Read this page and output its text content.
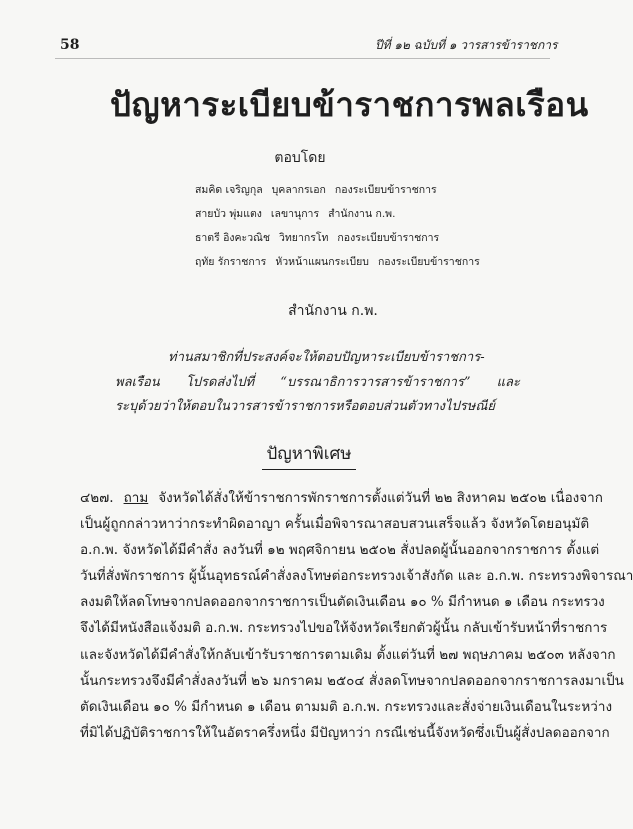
58	ปีที่ ๑๒ ฉบับที่ ๑ วารสารข้าราชการ
ปัญหาระเบียบข้าราชการพลเรือน
ตอบโดย
สมคิด เจริญกุล บุคลากรเอก กองระเบียบข้าราชการ
สายบัว พุ่มแตง เลขานุการ สำนักงาน ก.พ.
ธาตรี อิงคะวณิช วิทยากรโท กองระเบียบข้าราชการ
ฤทัย รักราชการ หัวหน้าแผนกระเบียบ กองระเบียบข้าราชการ
สำนักงาน ก.พ.
ท่านสมาชิกที่ประสงค์จะให้ตอบปัญหาระเบียบข้าราชการ-
พลเรือน โปรดส่งไปที่ “บรรณาธิการวารสารข้าราชการ” และ
ระบุด้วยว่าให้ตอบในวารสารข้าราชการหรือตอบส่วนตัวทางไปรษณีย์
ปัญหาพิเศษ
๔๒๗. ถาม จังหวัดได้สั่งให้ข้าราชการพักราชการตั้งแต่วันที่ ๒๒ สิงหาคม ๒๕๐๒ เนื่องจาก
เป็นผู้ถูกกล่าวหาว่ากระทำผิดอาญา ครั้นเมื่อพิจารณาสอบสวนเสร็จแล้ว จังหวัดโดยอนุมัติ
อ.ก.พ. จังหวัดได้มีคำสั่ง ลงวันที่ ๑๒ พฤศจิกายน ๒๕๐๒ สั่งปลดผู้นั้นออกจากราชการ ตั้งแต่
วันที่สั่งพักราชการ ผู้นั้นอุทธรณ์คำสั่งลงโทษต่อกระทรวงเจ้าสังกัด และ อ.ก.พ. กระทรวงพิจารณา
ลงมติให้ลดโทษจากปลดออกจากราชการเป็นตัดเงินเดือน ๑๐ % มีกำหนด ๑ เดือน กระทรวง
จึงได้มีหนังสือแจ้งมติ อ.ก.พ. กระทรวงไปขอให้จังหวัดเรียกตัวผู้นั้น กลับเข้ารับหน้าที่ราชการ
และจังหวัดได้มีคำสั่งให้กลับเข้ารับราชการตามเดิม ตั้งแต่วันที่ ๒๗ พฤษภาคม ๒๕๐๓ หลังจาก
นั้นกระทรวงจึงมีคำสั่งลงวันที่ ๒๖ มกราคม ๒๕๐๔ สั่งลดโทษจากปลดออกจากราชการลงมาเป็น
ตัดเงินเดือน ๑๐ % มีกำหนด ๑ เดือน ตามมติ อ.ก.พ. กระทรวงและสั่งจ่ายเงินเดือนในระหว่าง
ที่มิได้ปฏิบัติราชการให้ในอัตราครึ่งหนึ่ง มีปัญหาว่า กรณีเช่นนี้จังหวัดซึ่งเป็นผู้สั่งปลดออกจาก
